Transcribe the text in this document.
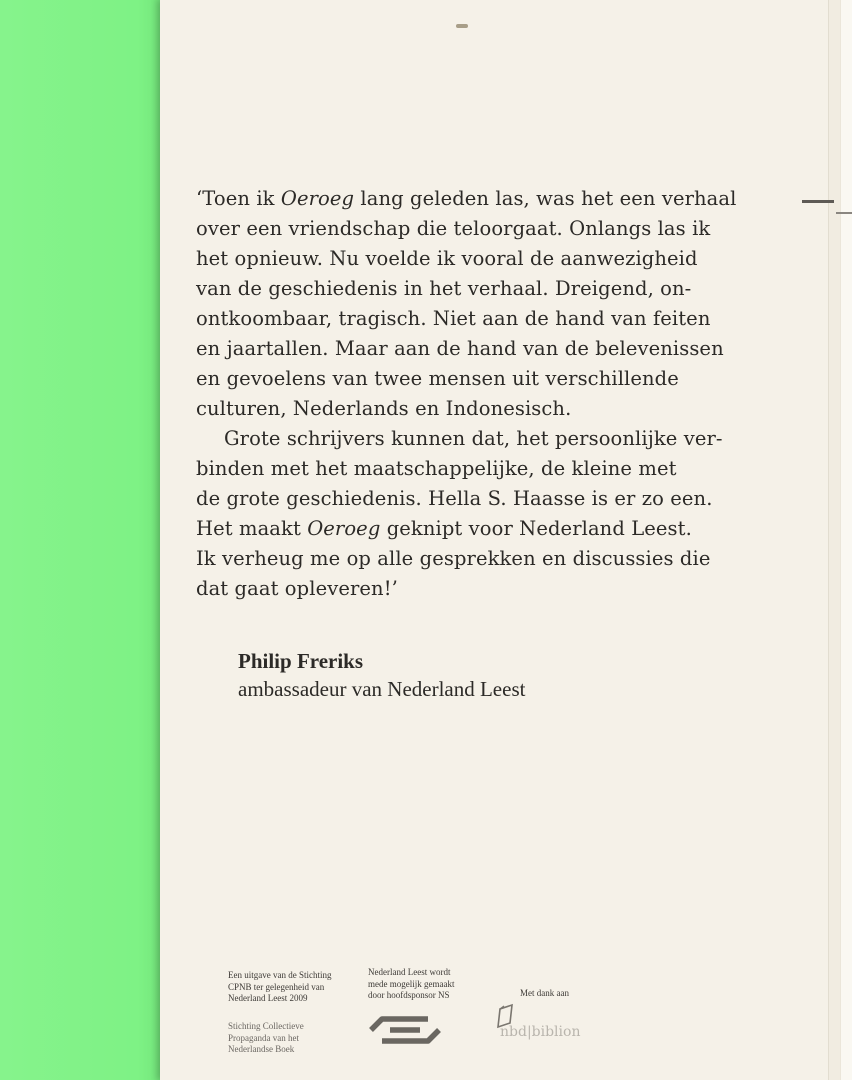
‘Toen ik Oeroeg lang geleden las, was het een verhaal

over een vriendschap die teloorgaat. Onlangs las ik

het opnieuw. Nu voelde ik vooral de aanwezigheid

van de geschiedenis in het verhaal. Dreigend, on-

ontkoombaar, tragisch. Niet aan de hand van feiten

en jaartallen. Maar aan de hand van de belevenissen

en gevoelens van twee mensen uit verschillende

culturen, Nederlands en Indonesisch.

Grote schrijvers kunnen dat, het persoonlijke ver-

binden met het maatschappelijke, de kleine met

de grote geschiedenis. Hella S. Haasse is er zo een.

Het maakt Oeroeg geknipt voor Nederland Leest.

Ik verheug me op alle gesprekken en discussies die

dat gaat opleveren!’

Philip Freriks

ambassadeur van Nederland Leest

Een uitgave van de Stichting
CPNB ter gelegenheid van
Nederland Leest 2009
Stichting Collectieve
Propaganda van het
Nederlandse Boek
Nederland Leest wordt
mede mogelijk gemaakt
door hoofdsponsor NS	Met dank aan

nbd|biblion
